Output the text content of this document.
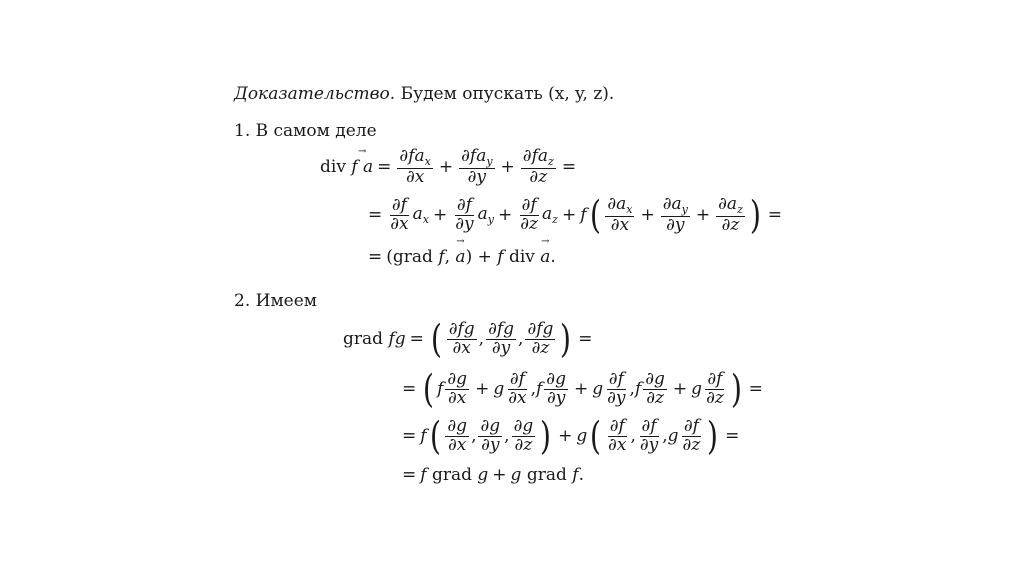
Доказательство. Будем опускать (x, y, z).
1. В самом деле
div f a → = $\frac{\partial fa_x}{\partial x} + \frac{\partial fa_y}{\partial y} + \frac{\partial fa_z}{\partial z}$ =
= $\frac{\partial f}{\partial x} a_x + \frac{\partial f}{\partial y} a_y + \frac{\partial f}{\partial z} a_z + f$ ( $\frac{\partial a_x}{\partial x} + \frac{\partial a_y}{\partial y} + \frac{\partial a_z}{\partial z}$ ) =
= (grad f , a → ) + f div a → .
2. Имеем
grad fg = ( $\frac{\partial fg}{\partial x}$ , $\frac{\partial fg}{\partial y}$ , $\frac{\partial fg}{\partial z}$ ) =
= ( f $\frac{\partial g}{\partial x} + g \frac{\partial f}{\partial x}$ , f $\frac{\partial g}{\partial y} + g \frac{\partial f}{\partial y}$ , f $\frac{\partial g}{\partial z} + g \frac{\partial f}{\partial z}$ ) =
= f ( $\frac{\partial g}{\partial x}$ , $\frac{\partial g}{\partial y}$ , $\frac{\partial g}{\partial z}$ ) + g ( $\frac{\partial f}{\partial x}$ , $\frac{\partial f}{\partial y}$ , g $\frac{\partial f}{\partial z}$ ) =
= f grad g + g grad f .
